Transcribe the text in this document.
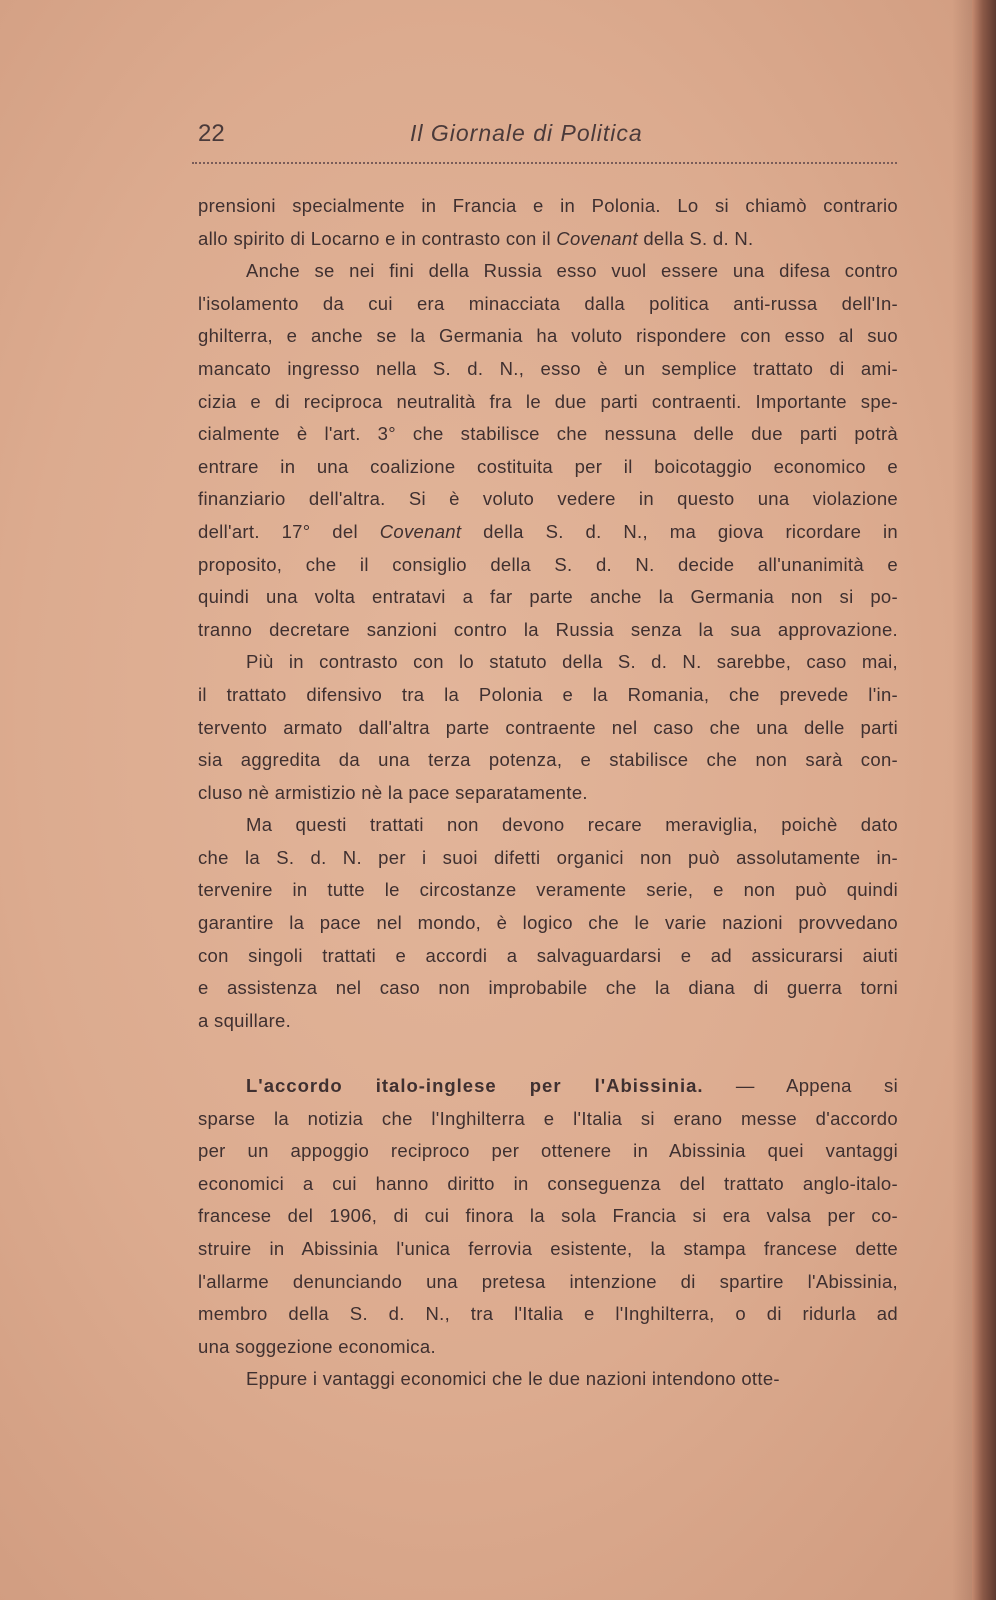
22	Il Giornale di Politica
prensioni specialmente in Francia e in Polonia. Lo si chiamò contrario
allo spirito di Locarno e in contrasto con il Covenant della S. d. N.
Anche se nei fini della Russia esso vuol essere una difesa contro
l'isolamento da cui era minacciata dalla politica anti-russa dell'In-
ghilterra, e anche se la Germania ha voluto rispondere con esso al suo
mancato ingresso nella S. d. N., esso è un semplice trattato di ami-
cizia e di reciproca neutralità fra le due parti contraenti. Importante spe-
cialmente è l'art. 3° che stabilisce che nessuna delle due parti potrà
entrare in una coalizione costituita per il boicotaggio economico e
finanziario dell'altra. Si è voluto vedere in questo una violazione
dell'art. 17° del Covenant della S. d. N., ma giova ricordare in
proposito, che il consiglio della S. d. N. decide all'unanimità e
quindi una volta entratavi a far parte anche la Germania non si po-
tranno decretare sanzioni contro la Russia senza la sua approvazione.
Più in contrasto con lo statuto della S. d. N. sarebbe, caso mai,
il trattato difensivo tra la Polonia e la Romania, che prevede l'in-
tervento armato dall'altra parte contraente nel caso che una delle parti
sia aggredita da una terza potenza, e stabilisce che non sarà con-
cluso nè armistizio nè la pace separatamente.
Ma questi trattati non devono recare meraviglia, poichè dato
che la S. d. N. per i suoi difetti organici non può assolutamente in-
tervenire in tutte le circostanze veramente serie, e non può quindi
garantire la pace nel mondo, è logico che le varie nazioni provvedano
con singoli trattati e accordi a salvaguardarsi e ad assicurarsi aiuti
e assistenza nel caso non improbabile che la diana di guerra torni
a squillare.
L'accordo italo-inglese per l'Abissinia. — Appena si
sparse la notizia che l'Inghilterra e l'Italia si erano messe d'accordo
per un appoggio reciproco per ottenere in Abissinia quei vantaggi
economici a cui hanno diritto in conseguenza del trattato anglo-italo-
francese del 1906, di cui finora la sola Francia si era valsa per co-
struire in Abissinia l'unica ferrovia esistente, la stampa francese dette
l'allarme denunciando una pretesa intenzione di spartire l'Abissinia,
membro della S. d. N., tra l'Italia e l'Inghilterra, o di ridurla ad
una soggezione economica.
Eppure i vantaggi economici che le due nazioni intendono otte-
